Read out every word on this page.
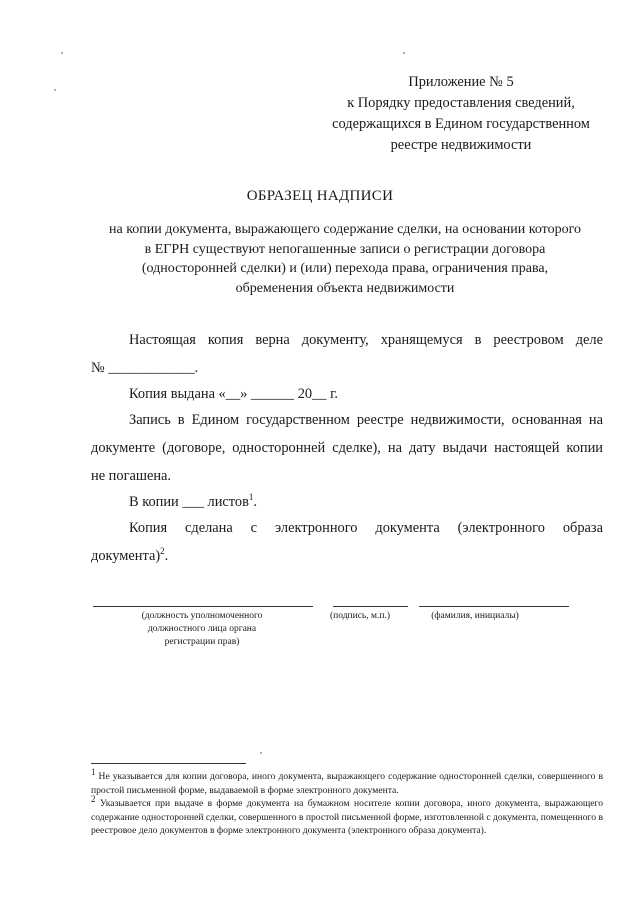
Приложение № 5
к Порядку предоставления сведений,
содержащихся в Едином государственном
реестре недвижимости
ОБРАЗЕЦ НАДПИСИ
на копии документа, выражающего содержание сделки, на основании которого
в ЕГРН существуют непогашенные записи о регистрации договора
(односторонней сделки) и (или) перехода права, ограничения права,
обременения объекта недвижимости
Настоящая копия верна документу, хранящемуся в реестровом деле
№ ____________.
Копия выдана «__» ______ 20__ г.
Запись в Едином государственном реестре недвижимости, основанная на
документе (договоре, односторонней сделке), на дату выдачи настоящей копии
не погашена.
В копии ___ листов$^1$.
Копия сделана с электронного документа (электронного образа
документа)$^2$.
(должность уполномоченного должностного лица органа регистрации прав)
(подпись, м.п.)	(фамилия, инициалы)
$^1$ Не указывается для копии договора, иного документа, выражающего содержание односторонней сделки, совершенного в простой письменной форме, выдаваемой в форме электронного документа.
$^2$ Указывается при выдаче в форме документа на бумажном носителе копии договора, иного документа, выражающего содержание односторонней сделки, совершенного в простой письменной форме, изготовленной с документа, помещенного в реестровое дело документов в форме электронного документа (электронного образа документа).
